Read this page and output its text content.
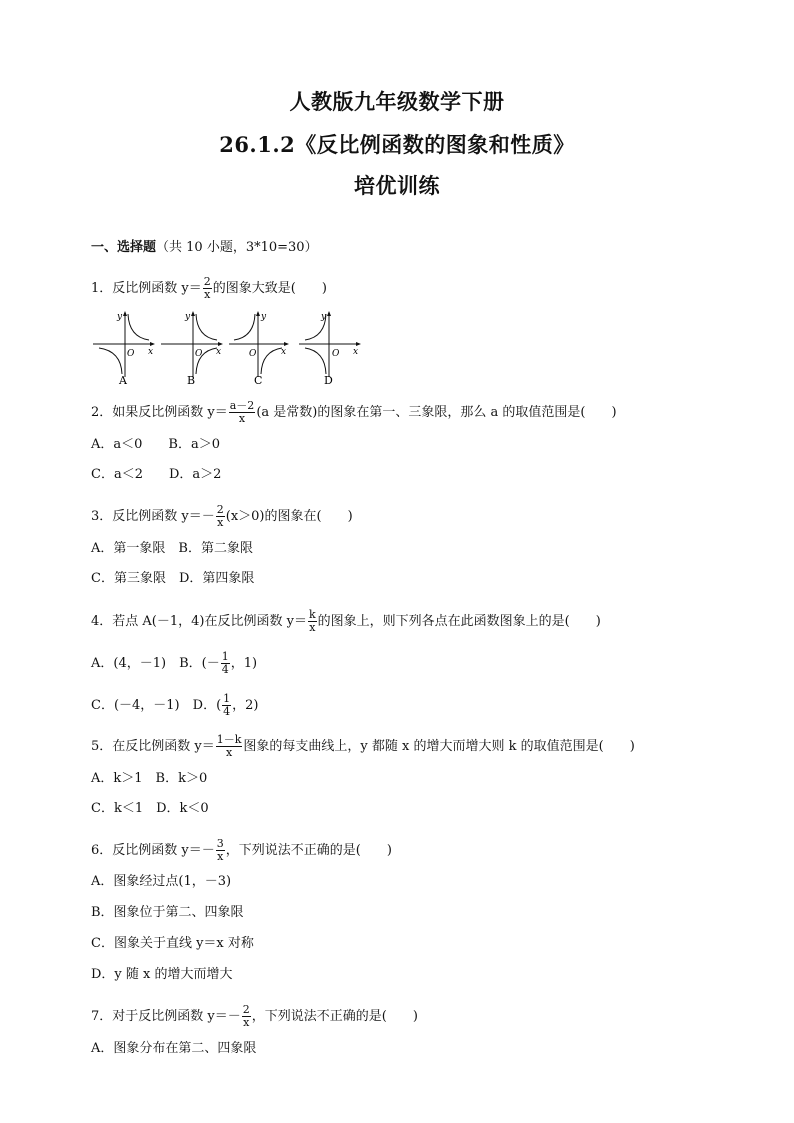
人教版九年级数学下册
26.1.2《反比例函数的图象和性质》
培优训练
一、选择题（共 10 小题，3*10=30）
1．反比例函数 $y= \frac{2}{x}$ 的图象大致是( )
y
O x
A
y
O x
B
y
O	x
C
y
O x
D
2．如果反比例函数 $y= \frac{a-2}{x} (a$ 是常数)的图象在第一、三象限，那么 a 的取值范围是( )
A．a＜0　　B．a＞0
C．a＜2　　D．a＞2
3．反比例函数 $y=- \frac{2}{x} (x>0)$的图象在( )
A．第一象限　B．第二象限
C．第三象限　D．第四象限
4．若点 A(－1，4)在反比例函数 $y= \frac{k}{x}$ 的图象上，则下列各点在此函数图象上的是( )
A．(4，－1)　 B．(－ $\frac{1}{4}$ ，1)
C．(－4，－1)　 D．( $\frac{1}{4}$ ，2)
5．在反比例函数 $y= \frac{1-k}{x}$ 图象的每支曲线上，y 都随 x 的增大而增大则 k 的取值范围是( )
A．k＞1　B．k＞0
C．k＜1　D．k＜0
6．反比例函数 $y=- \frac{3}{x}$ ，下列说法不正确的是( )
A．图象经过点(1，－3)
B．图象位于第二、四象限
C．图象关于直线 y＝x 对称
D．y 随 x 的增大而增大
7．对于反比例函数 $y=- \frac{2}{x}$ ，下列说法不正确的是( )
A．图象分布在第二、四象限
